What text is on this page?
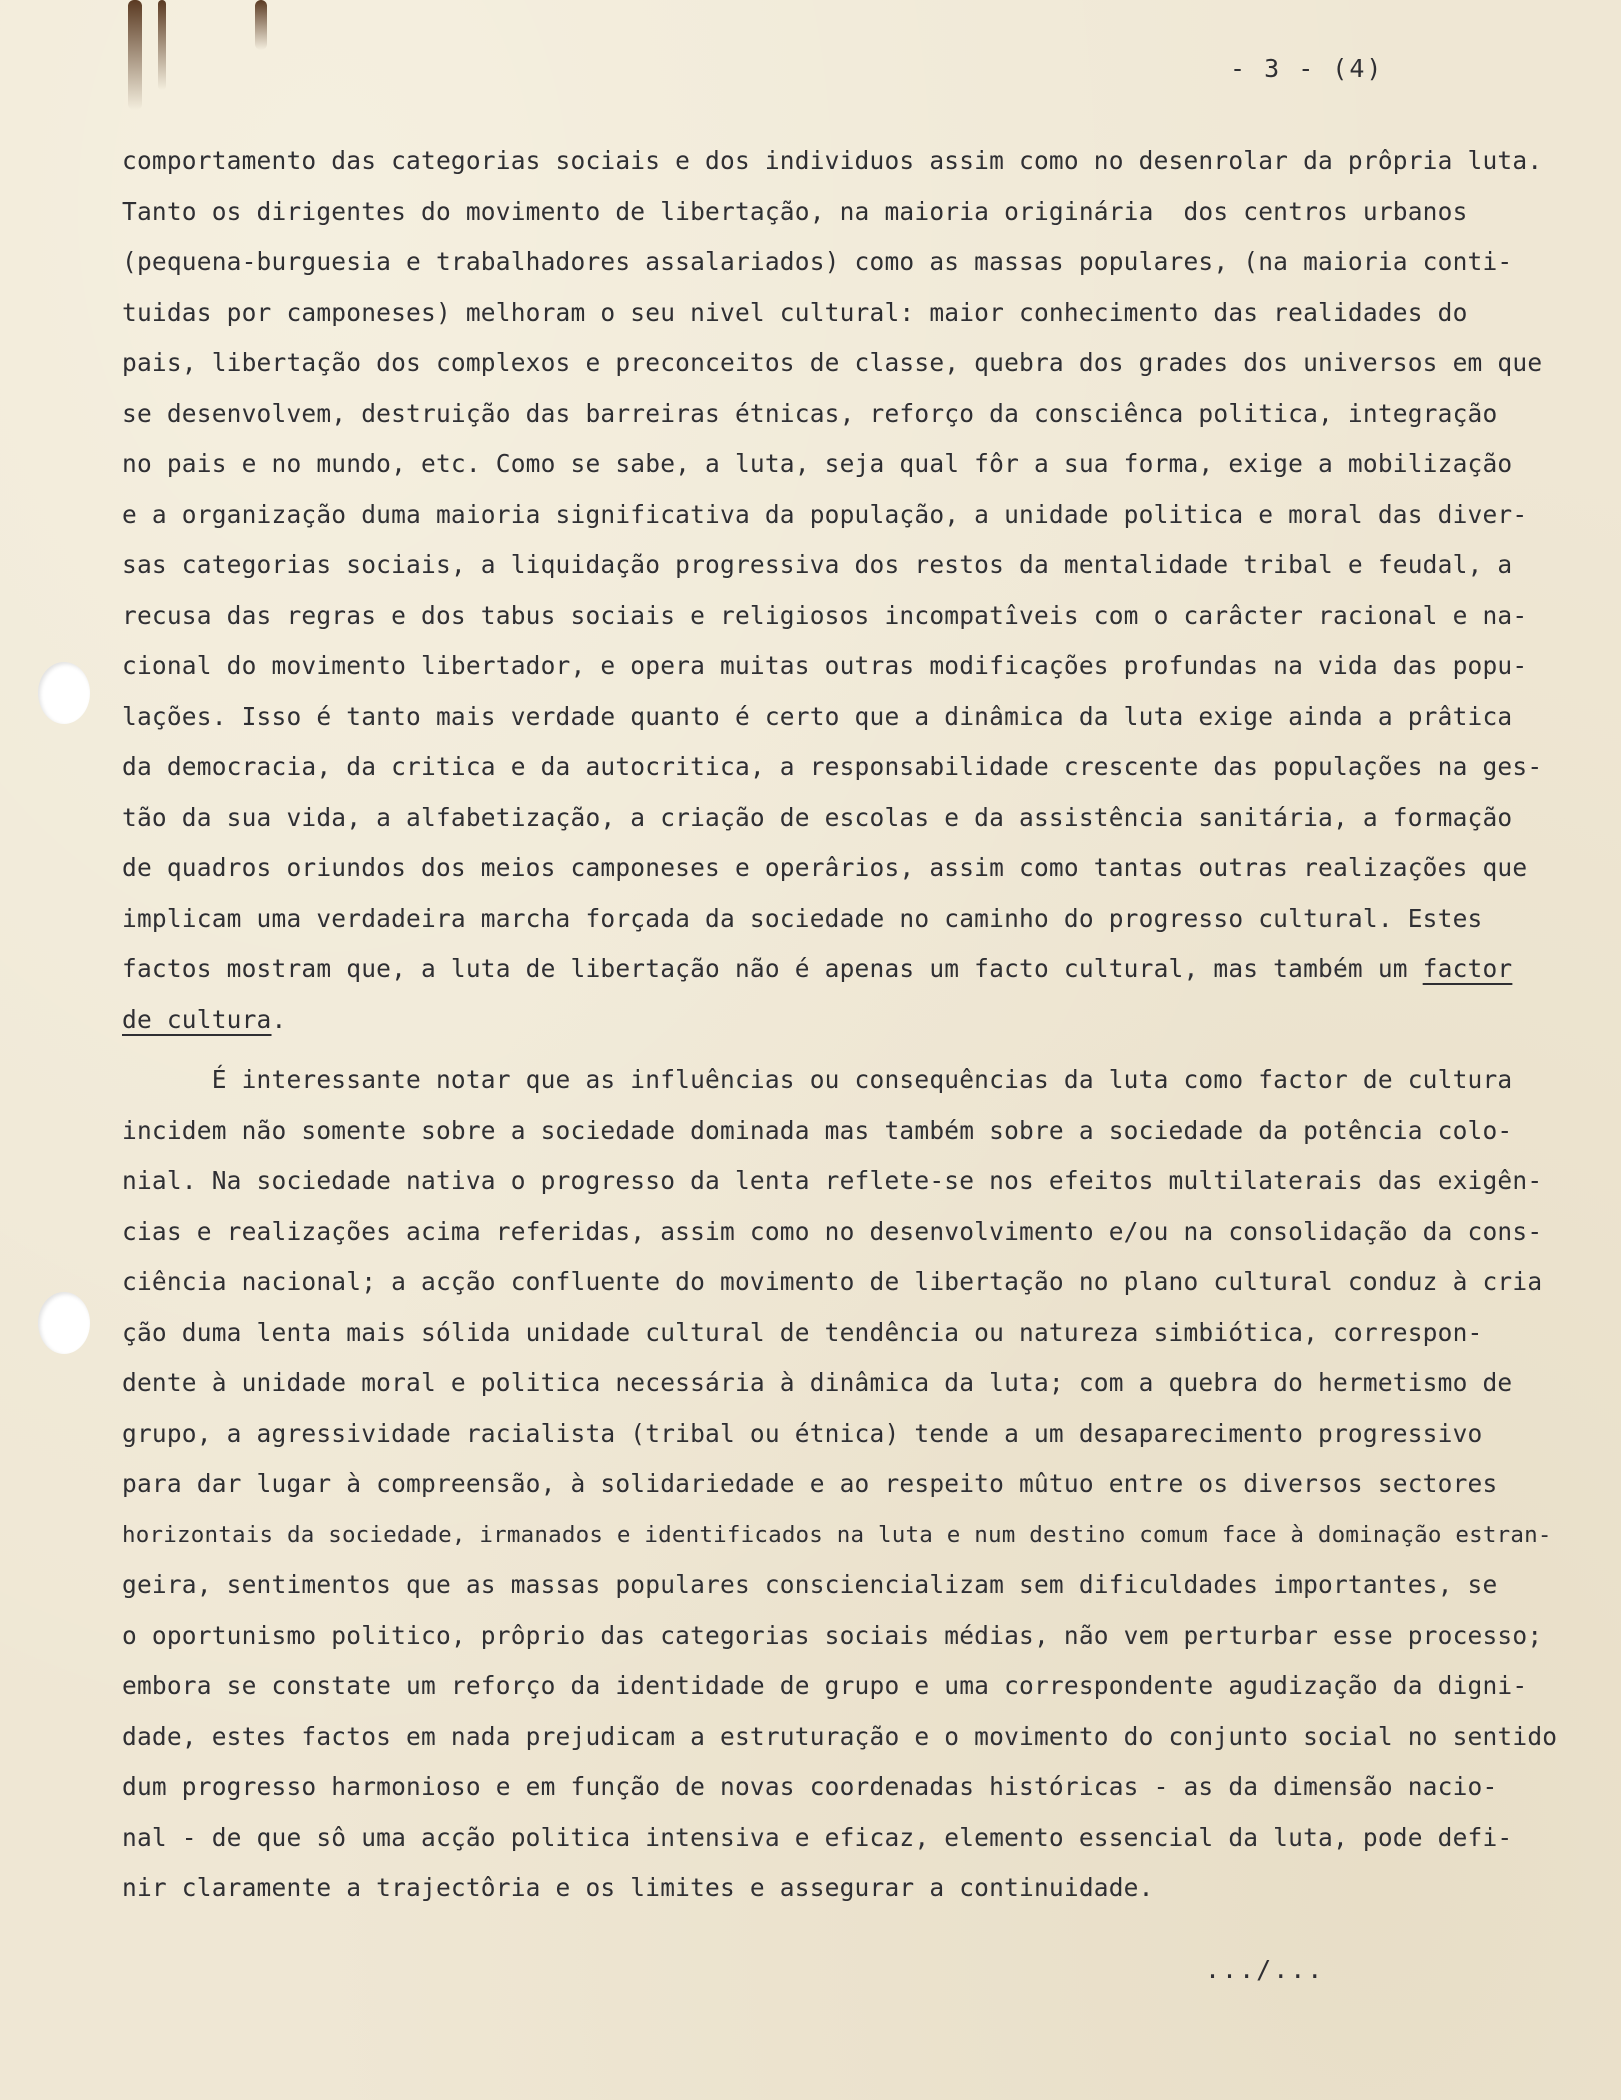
- 3 - (4)
comportamento das categorias sociais e dos individuos assim como no desenrolar da prôpria luta.
Tanto os dirigentes do movimento de libertação, na maioria originária  dos centros urbanos
(pequena-burguesia e trabalhadores assalariados) como as massas populares, (na maioria conti-
tuidas por camponeses) melhoram o seu nivel cultural: maior conhecimento das realidades do
pais, libertação dos complexos e preconceitos de classe, quebra dos grades dos universos em que
se desenvolvem, destruição das barreiras étnicas, reforço da consciênca politica, integração
no pais e no mundo, etc. Como se sabe, a luta, seja qual fôr a sua forma, exige a mobilização
e a organização duma maioria significativa da população, a unidade politica e moral das diver-
sas categorias sociais, a liquidação progressiva dos restos da mentalidade tribal e feudal, a
recusa das regras e dos tabus sociais e religiosos incompatîveis com o carâcter racional e na-
cional do movimento libertador, e opera muitas outras modificações profundas na vida das popu-
lações. Isso é tanto mais verdade quanto é certo que a dinâmica da luta exige ainda a prâtica
da democracia, da critica e da autocritica, a responsabilidade crescente das populações na ges-
tão da sua vida, a alfabetização, a criação de escolas e da assistência sanitária, a formação
de quadros oriundos dos meios camponeses e operârios, assim como tantas outras realizações que
implicam uma verdadeira marcha forçada da sociedade no caminho do progresso cultural. Estes
factos mostram que, a luta de libertação não é apenas um facto cultural, mas também um factor
de cultura.
É interessante notar que as influências ou consequências da luta como factor de cultura
incidem não somente sobre a sociedade dominada mas também sobre a sociedade da potência colo-
nial. Na sociedade nativa o progresso da lenta reflete-se nos efeitos multilaterais das exigên-
cias e realizações acima referidas, assim como no desenvolvimento e/ou na consolidação da cons-
ciência nacional; a acção confluente do movimento de libertação no plano cultural conduz à cria
ção duma lenta mais sólida unidade cultural de tendência ou natureza simbiótica, correspon-
dente à unidade moral e politica necessária à dinâmica da luta; com a quebra do hermetismo de
grupo, a agressividade racialista (tribal ou étnica) tende a um desaparecimento progressivo
para dar lugar à compreensão, à solidariedade e ao respeito mûtuo entre os diversos sectores
horizontais da sociedade, irmanados e identificados na luta e num destino comum face à dominação estran-
geira, sentimentos que as massas populares consciencializam sem dificuldades importantes, se
o oportunismo politico, prôprio das categorias sociais médias, não vem perturbar esse processo;
embora se constate um reforço da identidade de grupo e uma correspondente agudização da digni-
dade, estes factos em nada prejudicam a estruturação e o movimento do conjunto social no sentido
dum progresso harmonioso e em função de novas coordenadas históricas - as da dimensão nacio-
nal - de que sô uma acção politica intensiva e eficaz, elemento essencial da luta, pode defi-
nir claramente a trajectôria e os limites e assegurar a continuidade.
.../...
